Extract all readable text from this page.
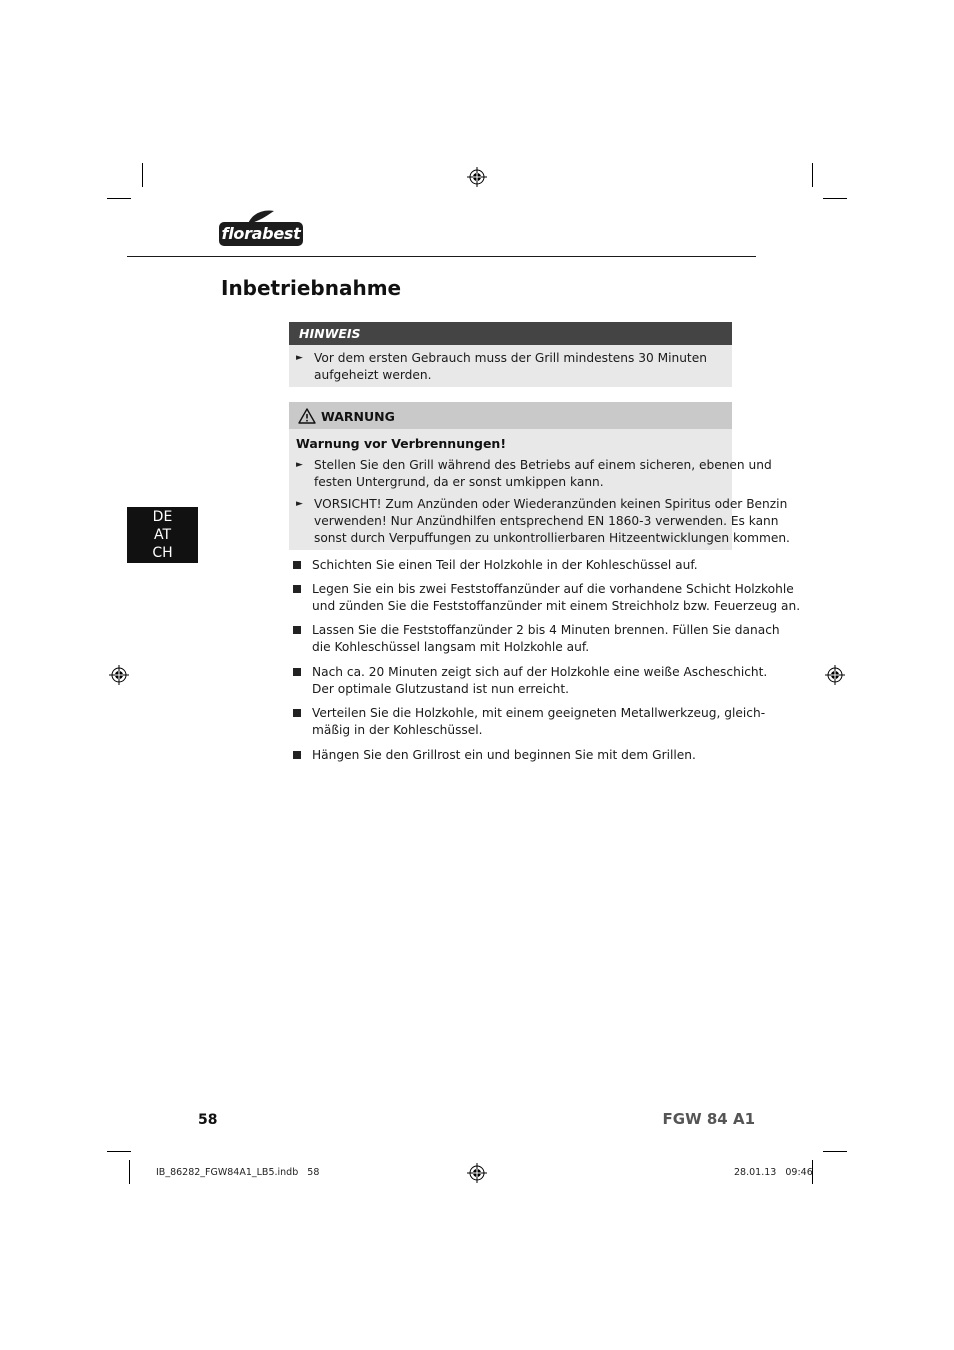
florabest
Inbetriebnahme
DE
AT
CH
HINWEIS
► Vor dem ersten Gebrauch muss der Grill mindestens 30 Minuten
aufgeheizt werden.
WARNUNG
Warnung vor Verbrennungen!
► Stellen Sie den Grill während des Betriebs auf einem sicheren, ebenen und
festen Untergrund, da er sonst umkippen kann.
► VORSICHT! Zum Anzünden oder Wiederanzünden keinen Spiritus oder Benzin
verwenden! Nur Anzündhilfen entsprechend EN 1860-3 verwenden. Es kann
sonst durch Verpuffungen zu unkontrollierbaren Hitzeentwicklungen kommen.
Schichten Sie einen Teil der Holzkohle in der Kohleschüssel auf.
Legen Sie ein bis zwei Feststoffanzünder auf die vorhandene Schicht Holzkohle
und zünden Sie die Feststoffanzünder mit einem Streichholz bzw. Feuerzeug an.
Lassen Sie die Feststoffanzünder 2 bis 4 Minuten brennen. Füllen Sie danach
die Kohleschüssel langsam mit Holzkohle auf.
Nach ca. 20 Minuten zeigt sich auf der Holzkohle eine weiße Ascheschicht.
Der optimale Glutzustand ist nun erreicht.
Verteilen Sie die Holzkohle, mit einem geeigneten Metallwerkzeug, gleich-
mäßig in der Kohleschüssel.
Hängen Sie den Grillrost ein und beginnen Sie mit dem Grillen.
58	FGW 84 A1
IB_86282_FGW84A1_LB5.indb   58	28.01.13   09:46
